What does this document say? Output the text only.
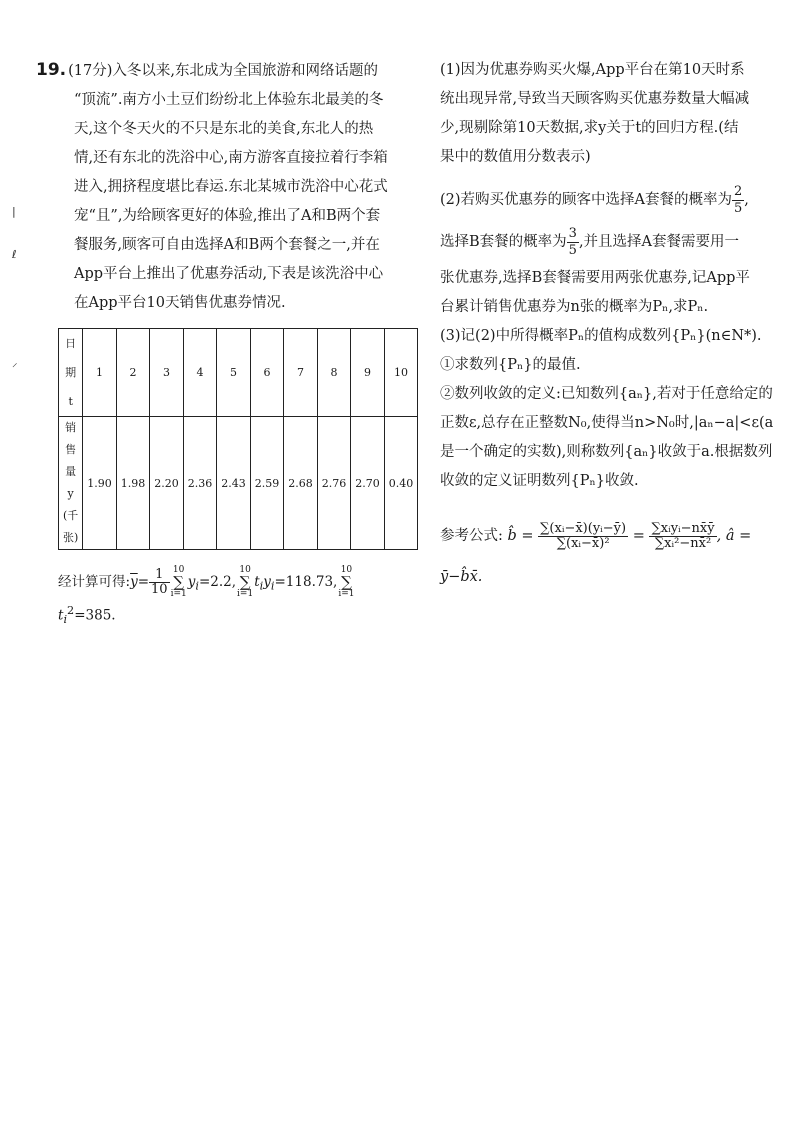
|
ℓ
⸍

19. (17分)入冬以来,东北成为全国旅游和网络话题的

“顶流”.南方小土豆们纷纷北上体验东北最美的冬

天,这个冬天火的不只是东北的美食,东北人的热

情,还有东北的洗浴中心,南方游客直接拉着行李箱

进入,拥挤程度堪比春运.东北某城市洗浴中心花式

宠“且”,为给顾客更好的体验,推出了A和B两个套

餐服务,顾客可自由选择A和B两个套餐之一,并在

App平台上推出了优惠券活动,下表是该洗浴中心

在App平台10天销售优惠券情况.

日期t	1	2	3	4	5	6	7	8	9	10

销售
量y
(千张)	1.90	1.98	2.20	2.36	2.43	2.59	2.68	2.76	2.70	0.40
经计算可得$:\overline{y}= \frac{1}{10} 10$
∑
$i=1y_i=2.2,10$
∑
$i=1t_iy_i=118.73,10$
∑
$i=1t_i^2=385$.

(1)因为优惠券购买火爆,App平台在第10天时系

统出现异常,导致当天顾客购买优惠券数量大幅减

少,现剔除第10天数据,求y关于t的回归方程.(结

果中的数值用分数表示)

(2)若购买优惠券的顾客中选择A套餐的概率为 $\frac{2}{5}$ ,

选择B套餐的概率为 $\frac{3}{5}$ ,并且选择A套餐需要用一

张优惠券,选择B套餐需要用两张优惠券,记App平

台累计销售优惠券为n张的概率为Pₙ,求Pₙ.

(3)记(2)中所得概率Pₙ的值构成数列{Pₙ}(n∈N*).

①求数列{Pₙ}的最值.

②数列收敛的定义:已知数列{aₙ},若对于任意给定的

正数ε,总存在正整数N₀,使得当n>N₀时,|aₙ−a|<ε(a

是一个确定的实数),则称数列{aₙ}收敛于a.根据数列

收敛的定义证明数列{Pₙ}收敛.

参考公式: b̂ = $\frac{\text{∑(xᵢ−x̄)(yᵢ−ȳ)}}{\text{∑(xᵢ−x̄)²}} = \frac{\text{∑xᵢyᵢ−nx̄ȳ}}{\text{∑xᵢ²−nx̄²}}$ , â =

ȳ−b̂x̄.
